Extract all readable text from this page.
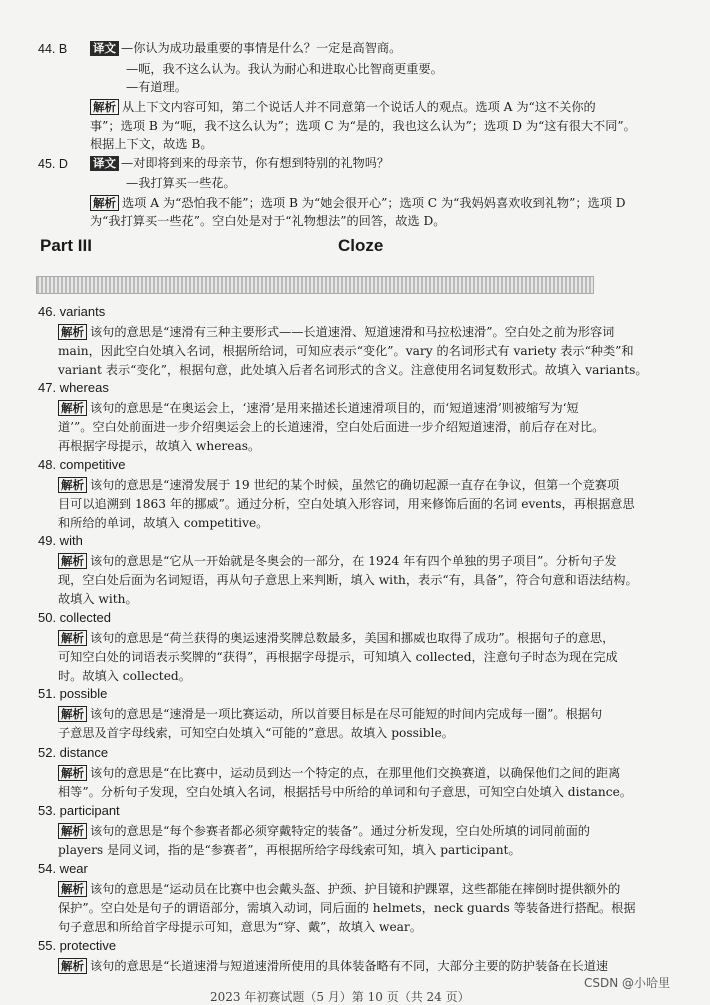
44. B 译文 —你认为成功最重要的事情是什么？一定是高智商。
—呃，我不这么认为。我认为耐心和进取心比智商更重要。
—有道理。
解析 从上下文内容可知，第二个说话人并不同意第一个说话人的观点。选项 A 为“这不关你的
事”；选项 B 为“呃，我不这么认为”；选项 C 为“是的，我也这么认为”；选项 D 为“这有很大不同”。
根据上下文，故选 B。
45. D 译文 —对即将到来的母亲节，你有想到特别的礼物吗？
—我打算买一些花。
解析 选项 A 为“恐怕我不能”；选项 B 为“她会很开心”；选项 C 为“我妈妈喜欢收到礼物”；选项 D
为“我打算买一些花”。空白处是对于“礼物想法”的回答，故选 D。
Part III	Cloze
46. variants
解析 该句的意思是“速滑有三种主要形式——长道速滑、短道速滑和马拉松速滑”。空白处之前为形容词
main，因此空白处填入名词，根据所给词，可知应表示“变化”。vary 的名词形式有 variety 表示“种类”和
variant 表示“变化”，根据句意，此处填入后者名词形式的含义。注意使用名词复数形式。故填入 variants。
47. whereas
解析 该句的意思是“在奥运会上，‘速滑’是用来描述长道速滑项目的，而‘短道速滑’则被缩写为‘短
道’”。空白处前面进一步介绍奥运会上的长道速滑，空白处后面进一步介绍短道速滑，前后存在对比。
再根据字母提示，故填入 whereas。
48. competitive
解析 该句的意思是“速滑发展于 19 世纪的某个时候，虽然它的确切起源一直存在争议，但第一个竞赛项
目可以追溯到 1863 年的挪威”。通过分析，空白处填入形容词，用来修饰后面的名词 events，再根据意思
和所给的单词，故填入 competitive。
49. with
解析 该句的意思是“它从一开始就是冬奥会的一部分，在 1924 年有四个单独的男子项目”。分析句子发
现，空白处后面为名词短语，再从句子意思上来判断，填入 with，表示“有，具备”，符合句意和语法结构。
故填入 with。
50. collected
解析 该句的意思是“荷兰获得的奥运速滑奖牌总数最多，美国和挪威也取得了成功”。根据句子的意思，
可知空白处的词语表示奖牌的“获得”，再根据字母提示，可知填入 collected，注意句子时态为现在完成
时。故填入 collected。
51. possible
解析 该句的意思是“速滑是一项比赛运动，所以首要目标是在尽可能短的时间内完成每一圈”。根据句
子意思及首字母线索，可知空白处填入“可能的”意思。故填入 possible。
52. distance
解析 该句的意思是“在比赛中，运动员到达一个特定的点，在那里他们交换赛道，以确保他们之间的距离
相等”。分析句子发现，空白处填入名词，根据括号中所给的单词和句子意思，可知空白处填入 distance。
53. participant
解析 该句的意思是“每个参赛者都必须穿戴特定的装备”。通过分析发现，空白处所填的词同前面的
players 是同义词，指的是“参赛者”，再根据所给字母线索可知，填入 participant。
54. wear
解析 该句的意思是“运动员在比赛中也会戴头盔、护颈、护目镜和护踝罩，这些都能在摔倒时提供额外的
保护”。空白处是句子的谓语部分，需填入动词，同后面的 helmets，neck guards 等装备进行搭配。根据
句子意思和所给首字母提示可知，意思为“穿、戴”，故填入 wear。
55. protective
解析 该句的意思是“长道速滑与短道速滑所使用的具体装备略有不同，大部分主要的防护装备在长道速
2023 年初赛试题（5 月）第 10 页（共 24 页）
CSDN @小哈里
